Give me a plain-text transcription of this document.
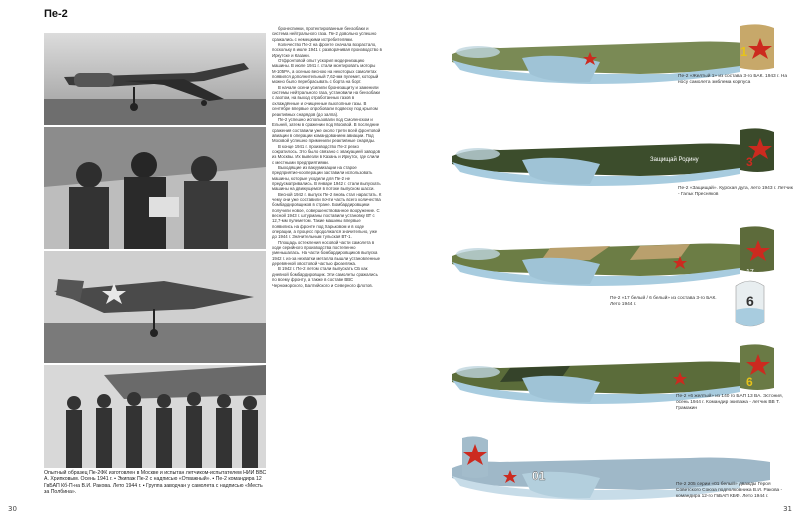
Пе-2
Опытный образец Пе-2ФК изготовлен в Москве и испытан летчиком-испытателем НИИ ВВС А. Хрипковым. Осень 1941 г. ▪ Экипаж Пе-2 с надписью «Отважный». ▪ Пе-2 командира 12 ГвБАП Кб-П-на В.И. Ракова. Лето 1944 г. ▪ Группа заводчан у самолета с надписью «Месть за Полбина».
30

бронеспинки, протектированные бензобаки и система нейтрального газа. Пе-2 довольно успешно сражались с немецкими истребителями.

Количество Пе-2 на фронте сначала возрастало, поскольку в июле 1941 г. разворачивая производство в Иркутске и Казани.

Отфронтовой опыт ускорил модернизацию машины. В июле 1941 г. стали монтировать моторы М-105РА, а осенью весною на некоторых самолетах появился дополнительный 7,62-мм пулемет, который можно было перебрасывать с борта на борт.

В начале осени усилили бронезащиту и заменили системы нейтрального газа, установили на бензобаки с азотом, на выход отработанных газов в охлаждённые и очищенные выхлопные газы. В сентябре впервые опробовали подвеску под крылом реактивных снарядов (до залпа).

Пе-2 успешно использовали под Смоленском и Ельней, затем в сражении под Москвой. В последние сражения составили уже около трети всей фронтовой авиации в операции командованием авиации. Под Москвой успешно применили реактивные снаряды.

В конце 1941 г. производство Пе-2 резко сократилось. Это было связано с эвакуацией заводов из Москвы. Их вывезли в Казань и Иркутск, где слили с местными предприятиями.

Выходящие из вакуумизации на старое предприятие-кооперации заставили использовать машины, которые уходили для Пе-2 не предусматривались. В январе 1942 г. стали выпускать машины на движущемся в потоке выпуском шасси.

Весной 1942 г. выпуск Пе-2 вновь стал нарастать. К чему они уже составили почти часть всего количества бомбардировщиков в стране. Бомбардировщики получили новое, совершенствованное вооружение. С весной 1943 г. штурманы поставили установку ВТ с 12,7-мм пулеметом. Такие машины впервые появились на фронте под Харьковом и в ходе операции, а процесс продолжался значительно, уже до 1944 г. Значительным тульская ВТ-1.

Площадь остекления носовой части самолета в ходе серийного производства постепенно уменьшалась. На части бомбардировщиков выпуска 1942 г. из-за нехватки металла вышли установленные деревянной хвостовой частью фюзеляжа.

В 1942 г. Пе-2 летом стали выпускать СБ как дневной бомбардировщик. Эти самолеты сражались по всему фронту, а также в составе ВВС Черноморского, Балтийского и Северного флотов.

1
Пе-2 «Желтый 1» из состава 3-го БАК. 1943 г. На носу самолета эмблема корпуса
Защищай Родину	3
Пе-2 «Защищай». Курская дуга, лето 1943 г. Летчик - Гальк Пресняков
17
6
Пе-2 «17 белый / 6 белый» из состава 3-го БАК. Лето 1944 г.
6
Пе-2 «6 желтый» из 140 го БАП 13 ВА. Эстония, осень 1944 г. Командир экипажа - летчик ВВ Т. Грамакин
01
Пе-2 205 серии «01 белый» дважды Героя Советского Союза подполковника В.И. Ракова - командира 12-го ГвБАП КБФ. Лето 1944 г.
31
